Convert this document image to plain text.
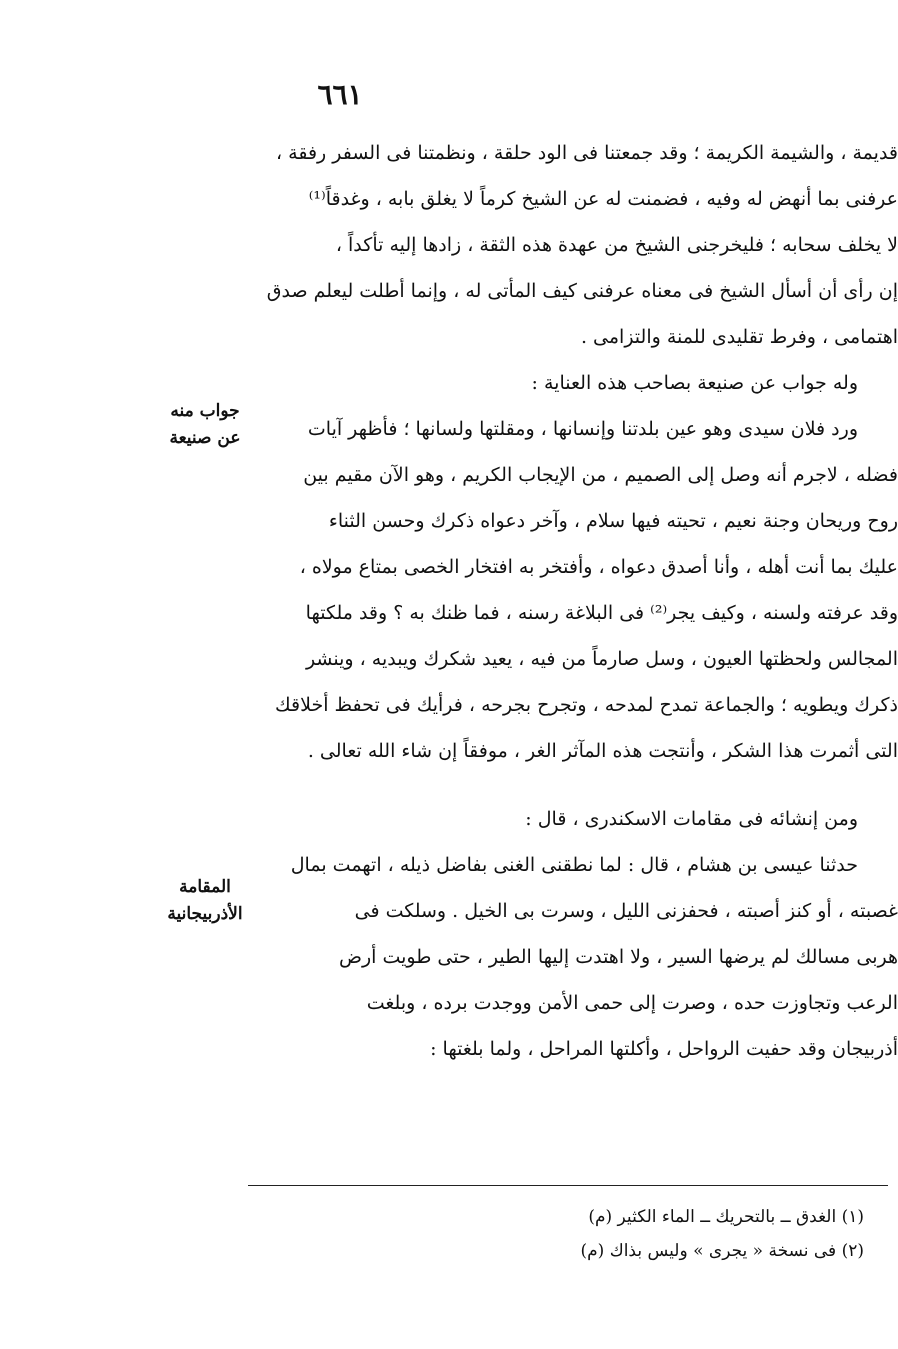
٦٦١
جواب منه
عن صنيعة
المقامة
الأذربيجانية
قديمة ، والشيمة الكريمة ؛ وقد جمعتنا فى الود حلقة ، ونظمتنا فى السفر رفقة ،
عرفنى بما أنهض له وفيه ، فضمنت له عن الشيخ كرماً لا يغلق بابه ، وغدقاً⁽¹⁾
لا يخلف سحابه ؛ فليخرجنى الشيخ من عهدة هذه الثقة ، زادها إليه تأكداً ،
إن رأى أن أسأل الشيخ فى معناه عرفنى كيف المأتى له ، وإنما أطلت ليعلم صدق
اهتمامى ، وفرط تقليدى للمنة والتزامى .
وله جواب عن صنيعة بصاحب هذه العناية :
ورد فلان سيدى وهو عين بلدتنا وإنسانها ، ومقلتها ولسانها ؛ فأظهر آيات
فضله ، لاجرم أنه وصل إلى الصميم ، من الإيجاب الكريم ، وهو الآن مقيم بين
روح وريحان وجنة نعيم ، تحيته فيها سلام ، وآخر دعواه ذكرك وحسن الثناء
عليك بما أنت أهله ، وأنا أصدق دعواه ، وأفتخر به افتخار الخصى بمتاع مولاه ،
وقد عرفته ولسنه ، وكيف يجر⁽²⁾ فى البلاغة رسنه ، فما ظنك به ؟ وقد ملكتها
المجالس ولحظتها العيون ، وسل صارماً من فيه ، يعيد شكرك ويبديه ، وينشر
ذكرك ويطويه ؛ والجماعة تمدح لمدحه ، وتجرح بجرحه ، فرأيك فى تحفظ أخلاقك
التى أثمرت هذا الشكر ، وأنتجت هذه المآثر الغر ، موفقاً إن شاء الله تعالى .
ومن إنشائه فى مقامات الاسكندرى ، قال :
حدثنا عيسى بن هشام ، قال : لما نطقنى الغنى بفاضل ذيله ، اتهمت بمال
غصبته ، أو كنز أصبته ، فحفزنى الليل ، وسرت بى الخيل . وسلكت فى
هربى مسالك لم يرضها السير ، ولا اهتدت إليها الطير ، حتى طويت أرض
الرعب وتجاوزت حده ، وصرت إلى حمى الأمن ووجدت برده ، وبلغت
أذربيجان وقد حفيت الرواحل ، وأكلتها المراحل ، ولما بلغتها :
(١) الغدق ــ بالتحريك ــ الماء الكثير (م)
(٢) فى نسخة « يجرى » وليس بذاك (م)
